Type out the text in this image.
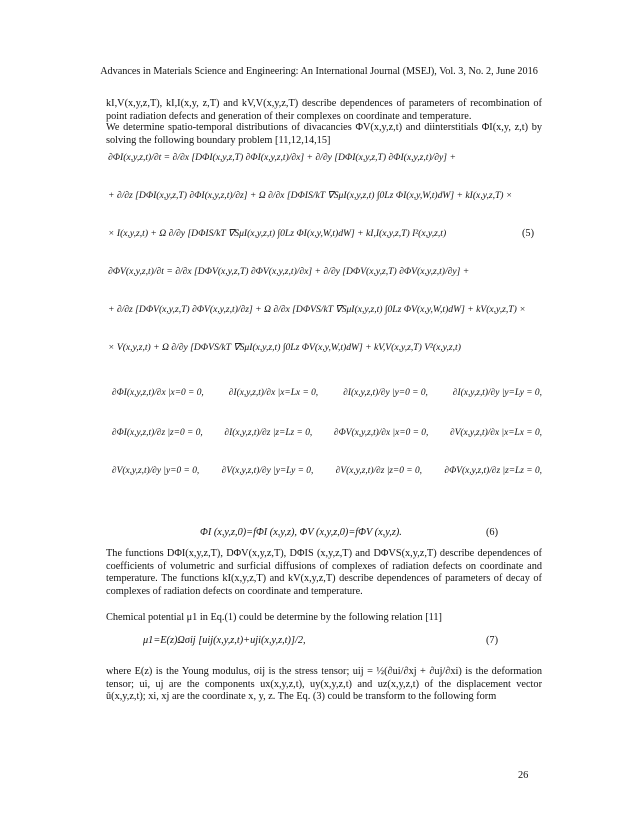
Advances in Materials Science and Engineering: An International Journal (MSEJ), Vol. 3, No. 2, June 2016
kI,V(x,y,z,T), kI,I(x,y, z,T) and kV,V(x,y,z,T) describe dependences of parameters of recombination of point radiation defects and generation of their complexes on coordinate and temperature.
We determine spatio-temporal distributions of divacancies ΦV(x,y,z,t) and diinterstitials ΦI(x,y, z,t) by solving the following boundary problem [11,12,14,15]
∂ΦI(x,y,z,t)/∂t = ∂/∂x [DΦI(x,y,z,T) ∂ΦI(x,y,z,t)/∂x] + ∂/∂y [DΦI(x,y,z,T) ∂ΦI(x,y,z,t)/∂y] +
+ ∂/∂z [DΦI(x,y,z,T) ∂ΦI(x,y,z,t)/∂z] + Ω ∂/∂x [DΦIS/kT ∇SμI(x,y,z,t) ∫0Lz ΦI(x,y,W,t)dW] + kI(x,y,z,T) ×
× I(x,y,z,t) + Ω ∂/∂y [DΦIS/kT ∇SμI(x,y,z,t) ∫0Lz ΦI(x,y,W,t)dW] + kI,I(x,y,z,T) I²(x,y,z,t)	(5)
∂ΦV(x,y,z,t)/∂t = ∂/∂x [DΦV(x,y,z,T) ∂ΦV(x,y,z,t)/∂x] + ∂/∂y [DΦV(x,y,z,T) ∂ΦV(x,y,z,t)/∂y] +
+ ∂/∂z [DΦV(x,y,z,T) ∂ΦV(x,y,z,t)/∂z] + Ω ∂/∂x [DΦVS/kT ∇SμI(x,y,z,t) ∫0Lz ΦV(x,y,W,t)dW] + kV(x,y,z,T) ×
× V(x,y,z,t) + Ω ∂/∂y [DΦVS/kT ∇SμI(x,y,z,t) ∫0Lz ΦV(x,y,W,t)dW] + kV,V(x,y,z,T) V²(x,y,z,t)
∂ΦI(x,y,z,t)/∂x |x=0 = 0,	∂I(x,y,z,t)/∂x |x=Lx = 0,	∂I(x,y,z,t)/∂y |y=0 = 0,	∂I(x,y,z,t)/∂y |y=Ly = 0,
∂ΦI(x,y,z,t)/∂z |z=0 = 0, ∂I(x,y,z,t)/∂z |z=Lz = 0, ∂ΦV(x,y,z,t)/∂x |x=0 = 0, ∂V(x,y,z,t)/∂x |x=Lx = 0,
∂V(x,y,z,t)/∂y |y=0 = 0, ∂V(x,y,z,t)/∂y |y=Ly = 0, ∂V(x,y,z,t)/∂z |z=0 = 0, ∂ΦV(x,y,z,t)/∂z |z=Lz = 0,
ΦI (x,y,z,0)=fΦI (x,y,z), ΦV (x,y,z,0)=fΦV (x,y,z).	(6)
The functions DΦI(x,y,z,T), DΦV(x,y,z,T), DΦIS (x,y,z,T) and DΦVS(x,y,z,T) describe dependences of coefficients of volumetric and surficial diffusions of complexes of radiation defects on coordinate and temperature. The functions kI(x,y,z,T) and kV(x,y,z,T) describe dependences of parameters of decay of complexes of radiation defects on coordinate and temperature.
Chemical potential μ1 in Eq.(1) could be determine by the following relation [11]
μ1=E(z)Ωσij [uij(x,y,z,t)+uji(x,y,z,t)]/2,	(7)
where E(z) is the Young modulus, σij is the stress tensor; uij = ½(∂ui/∂xj + ∂uj/∂xi) is the deformation tensor; ui, uj are the components ux(x,y,z,t), uy(x,y,z,t) and uz(x,y,z,t) of the displacement vector ū(x,y,z,t); xi, xj are the coordinate x, y, z. The Eq. (3) could be transform to the following form
26
